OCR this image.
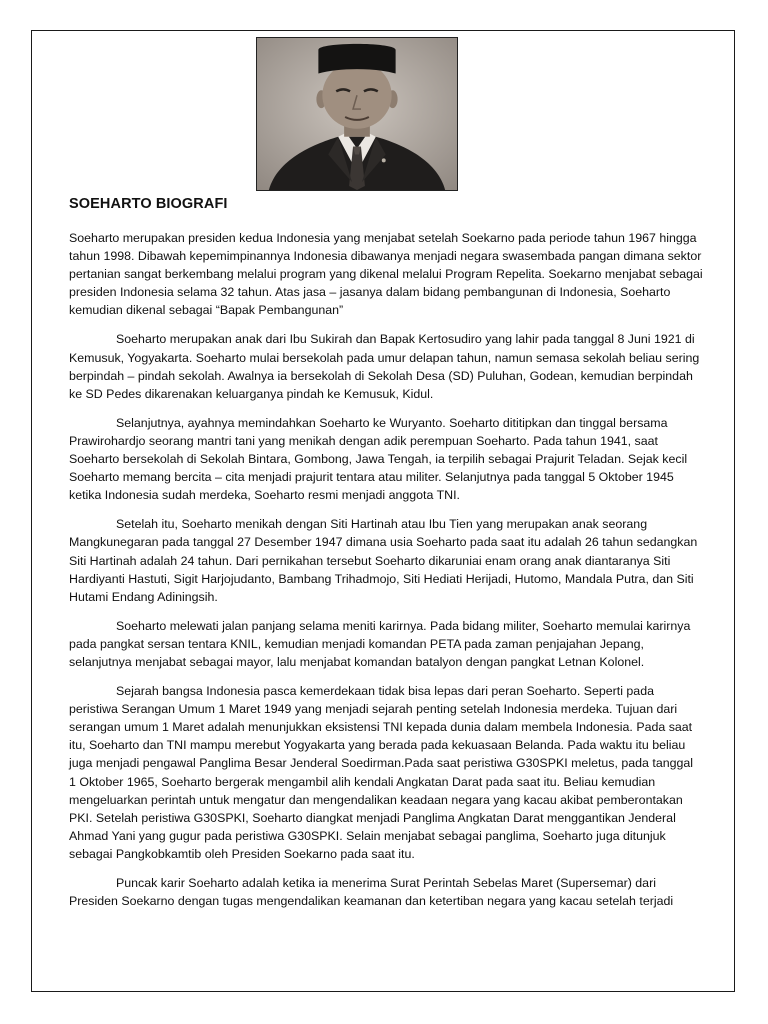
SOEHARTO BIOGRAFI

Soeharto merupakan presiden kedua Indonesia yang menjabat setelah Soekarno pada periode tahun 1967 hingga tahun 1998. Dibawah kepemimpinannya Indonesia dibawanya menjadi negara swasembada pangan dimana sektor pertanian sangat berkembang melalui program yang dikenal melalui Program Repelita. Soekarno menjabat sebagai presiden Indonesia selama 32 tahun. Atas jasa – jasanya dalam bidang pembangunan di Indonesia, Soeharto kemudian dikenal sebagai “Bapak Pembangunan”

Soeharto merupakan anak dari Ibu Sukirah dan Bapak Kertosudiro yang lahir pada tanggal 8 Juni 1921 di Kemusuk, Yogyakarta. Soeharto mulai bersekolah pada umur delapan tahun, namun semasa sekolah beliau sering berpindah – pindah sekolah. Awalnya ia bersekolah di Sekolah Desa (SD) Puluhan, Godean, kemudian berpindah ke SD Pedes dikarenakan keluarganya pindah ke Kemusuk, Kidul.

Selanjutnya, ayahnya memindahkan Soeharto ke Wuryanto. Soeharto dititipkan dan tinggal bersama Prawirohardjo seorang mantri tani yang menikah dengan adik perempuan Soeharto. Pada tahun 1941, saat Soeharto bersekolah di Sekolah Bintara, Gombong, Jawa Tengah, ia terpilih sebagai Prajurit Teladan. Sejak kecil Soeharto memang bercita – cita menjadi prajurit tentara atau militer. Selanjutnya pada tanggal 5 Oktober 1945 ketika Indonesia sudah merdeka, Soeharto resmi menjadi anggota TNI.

Setelah itu, Soeharto menikah dengan Siti Hartinah atau Ibu Tien yang merupakan anak seorang Mangkunegaran pada tanggal 27 Desember 1947 dimana usia Soeharto pada saat itu adalah 26 tahun sedangkan Siti Hartinah adalah 24 tahun. Dari pernikahan tersebut Soeharto dikaruniai enam orang anak diantaranya Siti Hardiyanti Hastuti, Sigit Harjojudanto, Bambang Trihadmojo, Siti Hediati Herijadi, Hutomo, Mandala Putra, dan Siti Hutami Endang Adiningsih.

Soeharto melewati jalan panjang selama meniti karirnya. Pada bidang militer, Soeharto memulai karirnya pada pangkat sersan tentara KNIL, kemudian menjadi komandan PETA pada zaman penjajahan Jepang, selanjutnya menjabat sebagai mayor, lalu menjabat komandan batalyon dengan pangkat Letnan Kolonel.

Sejarah bangsa Indonesia pasca kemerdekaan tidak bisa lepas dari peran Soeharto. Seperti pada peristiwa Serangan Umum 1 Maret 1949 yang menjadi sejarah penting setelah Indonesia merdeka. Tujuan dari serangan umum 1 Maret adalah menunjukkan eksistensi TNI kepada dunia dalam membela Indonesia. Pada saat itu, Soeharto dan TNI mampu merebut Yogyakarta yang berada pada kekuasaan Belanda. Pada waktu itu beliau juga menjadi pengawal Panglima Besar Jenderal Soedirman.Pada saat peristiwa G30SPKI meletus, pada tanggal 1 Oktober 1965, Soeharto bergerak mengambil alih kendali Angkatan Darat pada saat itu. Beliau kemudian mengeluarkan perintah untuk mengatur dan mengendalikan keadaan negara yang kacau akibat pemberontakan PKI. Setelah peristiwa G30SPKI, Soeharto diangkat menjadi Panglima Angkatan Darat menggantikan Jenderal Ahmad Yani yang gugur pada peristiwa G30SPKI. Selain menjabat sebagai panglima, Soeharto juga ditunjuk sebagai Pangkobkamtib oleh Presiden Soekarno pada saat itu.

Puncak karir Soeharto adalah ketika ia menerima Surat Perintah Sebelas Maret (Supersemar) dari Presiden Soekarno dengan tugas mengendalikan keamanan dan ketertiban negara yang kacau setelah terjadi
